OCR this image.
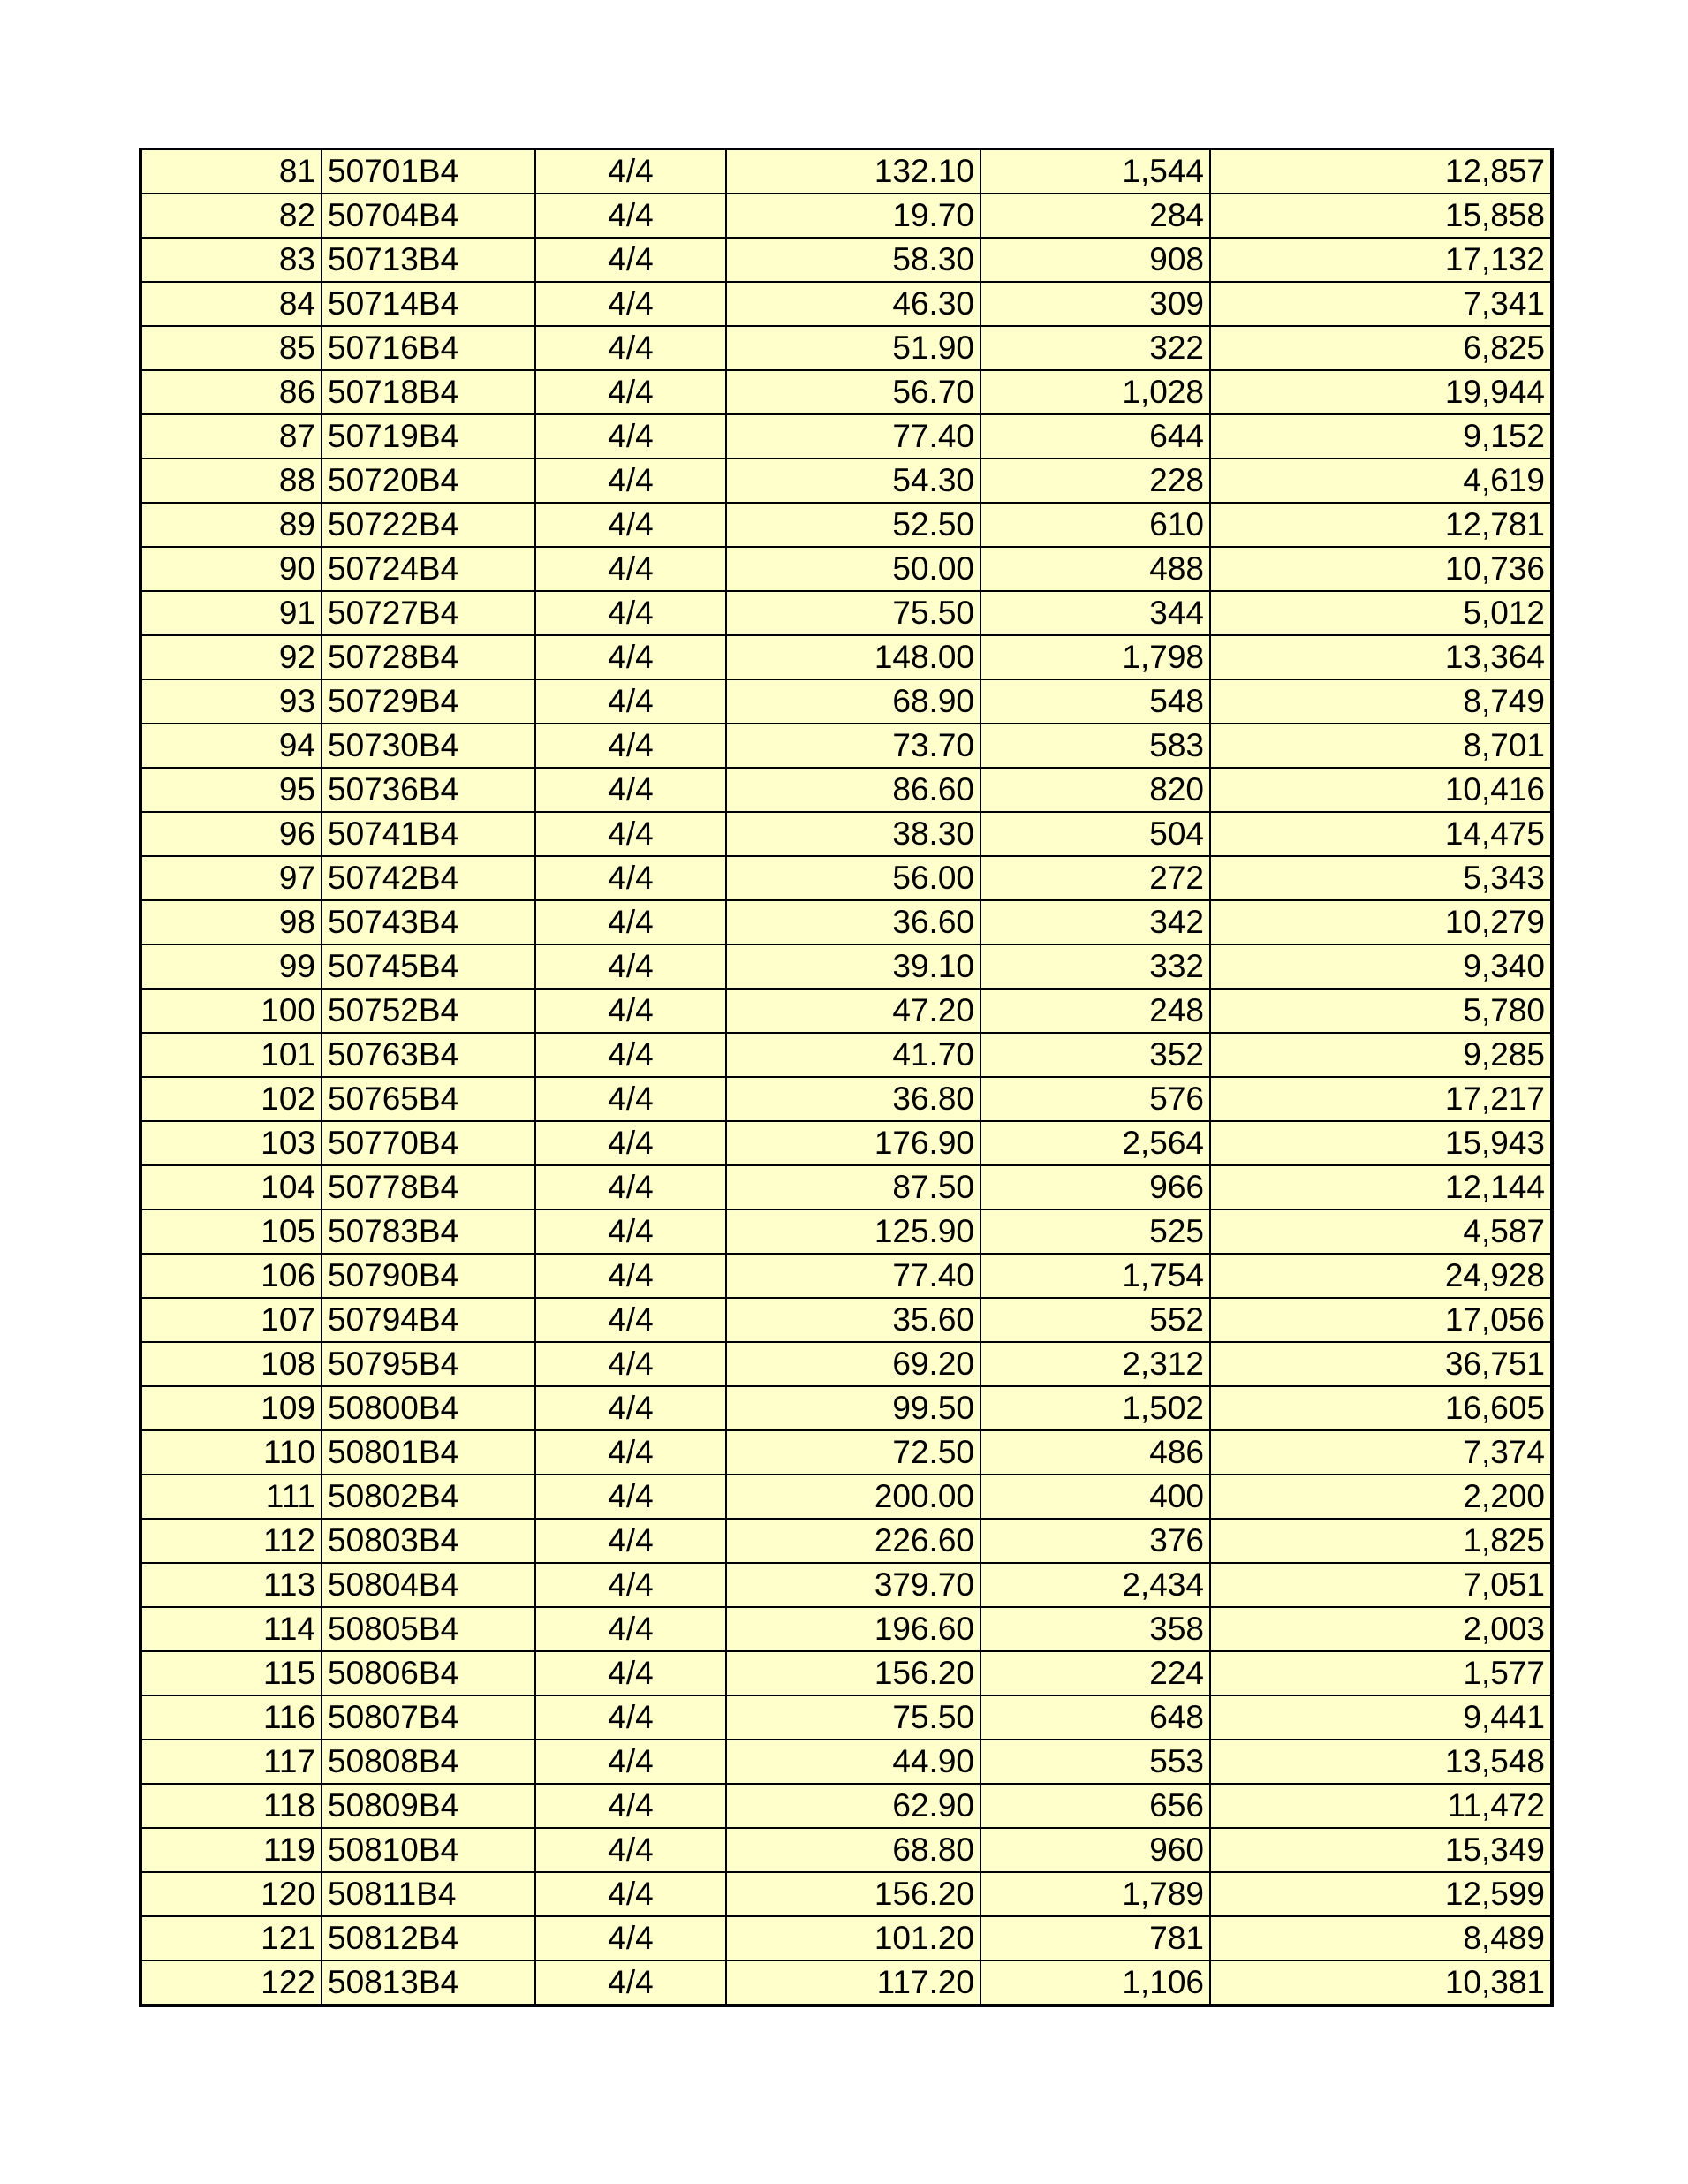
81	50701B4	4/4	132.10	1,544	12,857
82	50704B4	4/4	19.70	284	15,858
83	50713B4	4/4	58.30	908	17,132
84	50714B4	4/4	46.30	309	7,341
85	50716B4	4/4	51.90	322	6,825
86	50718B4	4/4	56.70	1,028	19,944
87	50719B4	4/4	77.40	644	9,152
88	50720B4	4/4	54.30	228	4,619
89	50722B4	4/4	52.50	610	12,781
90	50724B4	4/4	50.00	488	10,736
91	50727B4	4/4	75.50	344	5,012
92	50728B4	4/4	148.00	1,798	13,364
93	50729B4	4/4	68.90	548	8,749
94	50730B4	4/4	73.70	583	8,701
95	50736B4	4/4	86.60	820	10,416
96	50741B4	4/4	38.30	504	14,475
97	50742B4	4/4	56.00	272	5,343
98	50743B4	4/4	36.60	342	10,279
99	50745B4	4/4	39.10	332	9,340
100	50752B4	4/4	47.20	248	5,780
101	50763B4	4/4	41.70	352	9,285
102	50765B4	4/4	36.80	576	17,217
103	50770B4	4/4	176.90	2,564	15,943
104	50778B4	4/4	87.50	966	12,144
105	50783B4	4/4	125.90	525	4,587
106	50790B4	4/4	77.40	1,754	24,928
107	50794B4	4/4	35.60	552	17,056
108	50795B4	4/4	69.20	2,312	36,751
109	50800B4	4/4	99.50	1,502	16,605
110	50801B4	4/4	72.50	486	7,374
111	50802B4	4/4	200.00	400	2,200
112	50803B4	4/4	226.60	376	1,825
113	50804B4	4/4	379.70	2,434	7,051
114	50805B4	4/4	196.60	358	2,003
115	50806B4	4/4	156.20	224	1,577
116	50807B4	4/4	75.50	648	9,441
117	50808B4	4/4	44.90	553	13,548
118	50809B4	4/4	62.90	656	11,472
119	50810B4	4/4	68.80	960	15,349
120	50811B4	4/4	156.20	1,789	12,599
121	50812B4	4/4	101.20	781	8,489
122	50813B4	4/4	117.20	1,106	10,381
